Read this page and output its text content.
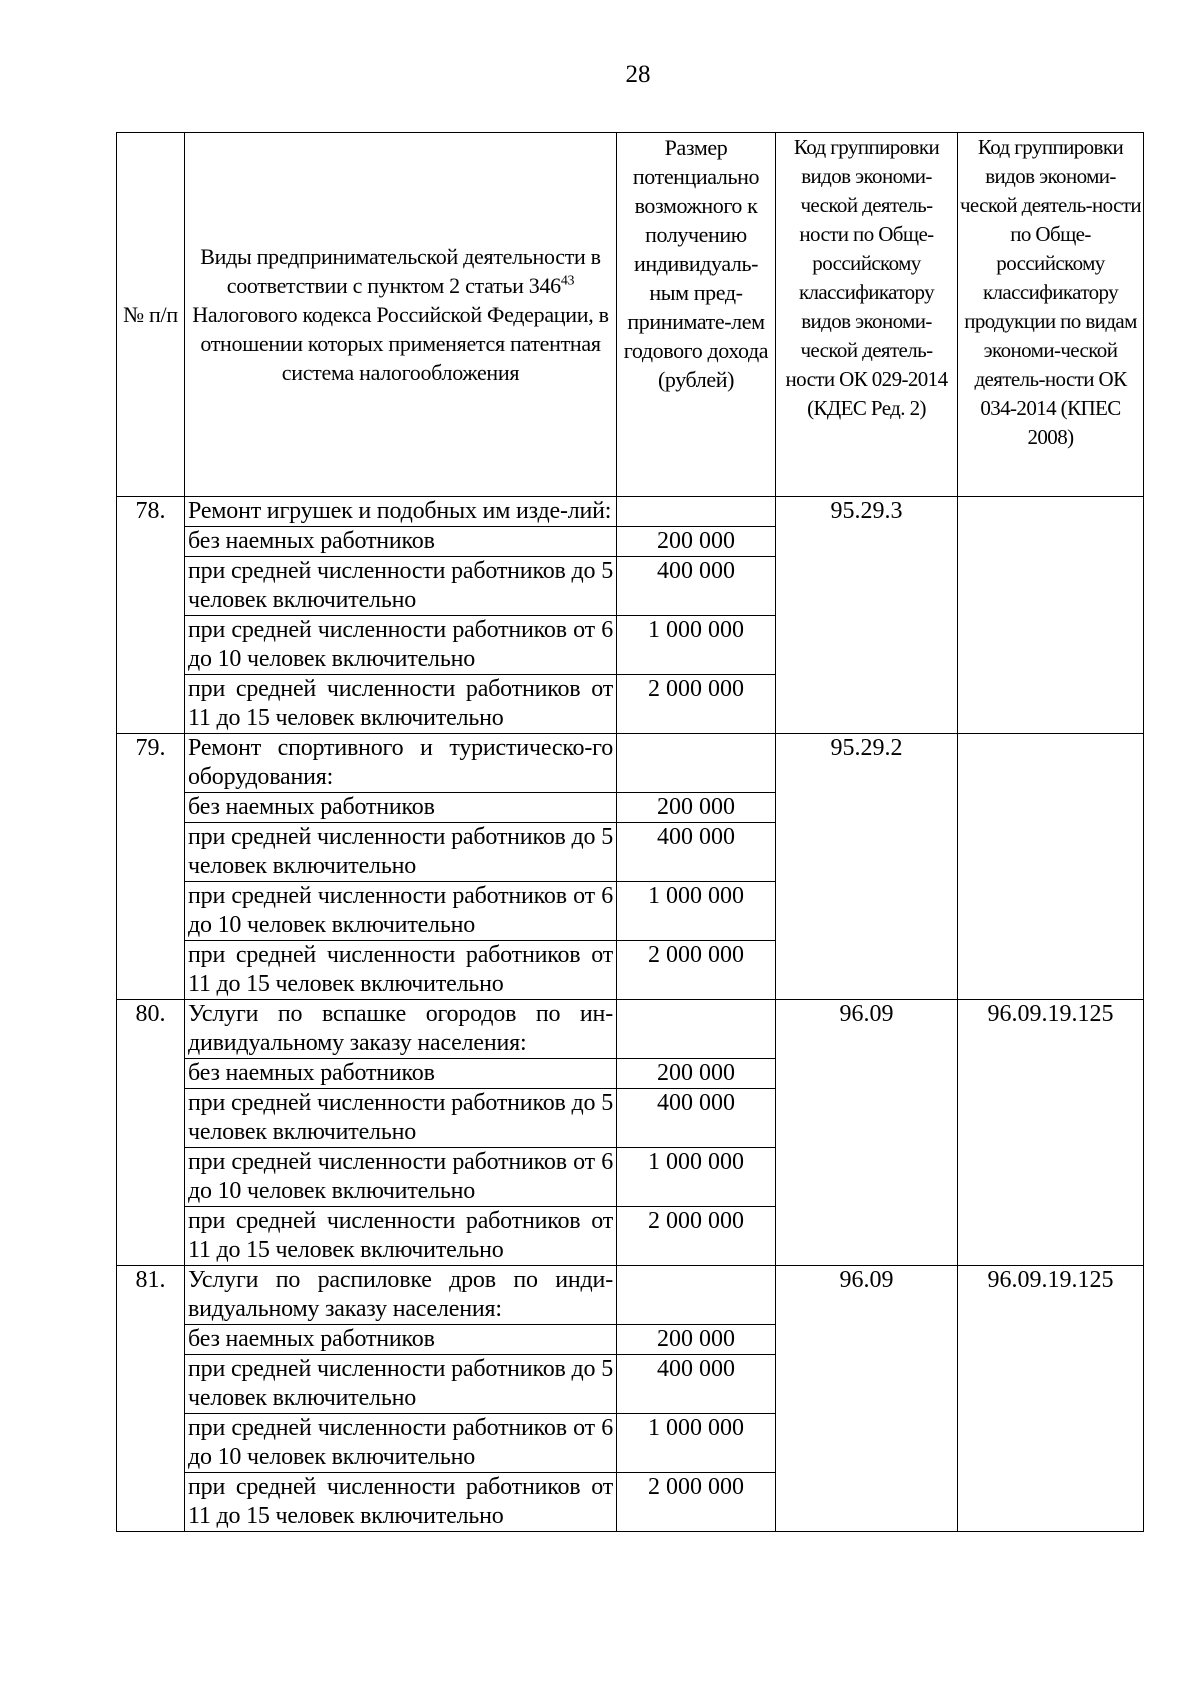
28
№ п/п	Виды предпринимательской деятельности в соответствии с пунктом 2 статьи $346^{43}$ Налогового кодекса Российской Федерации, в отношении которых применяется патентная система налогообложения	Размер потенциально возможного к получению индивидуаль-ным пред-принимате-лем годового дохода (рублей)	Код группировки видов экономи-ческой деятель-ности по Обще-российскому классификатору видов экономи-ческой деятель-ности ОК 029-2014 (КДЕС Ред. 2)	Код группировки видов экономи-ческой деятель-ности по Обще-российскому классификатору продукции по видам экономи-ческой деятель-ности ОК 034-2014 (КПЕС 2008)
78.	Ремонт игрушек и подобных им изде-лий:		95.29.3	
	без наемных работников	200 000		
	при средней численности работников до 5 человек включительно	400 000		
	при средней численности работников от 6 до 10 человек включительно	1 000 000		
	при средней численности работников от 11 до 15 человек включительно	2 000 000		
79.	Ремонт спортивного и туристическо-го оборудования:		95.29.2	
	без наемных работников	200 000		
	при средней численности работников до 5 человек включительно	400 000		
	при средней численности работников от 6 до 10 человек включительно	1 000 000		
	при средней численности работников от 11 до 15 человек включительно	2 000 000		
80.	Услуги по вспашке огородов по ин-дивидуальному заказу населения:		96.09	96.09.19.125
	без наемных работников	200 000		
	при средней численности работников до 5 человек включительно	400 000		
	при средней численности работников от 6 до 10 человек включительно	1 000 000		
	при средней численности работников от 11 до 15 человек включительно	2 000 000		
81.	Услуги по распиловке дров по инди-видуальному заказу населения:		96.09	96.09.19.125
	без наемных работников	200 000		
	при средней численности работников до 5 человек включительно	400 000		
	при средней численности работников от 6 до 10 человек включительно	1 000 000		
	при средней численности работников от 11 до 15 человек включительно	2 000 000		
